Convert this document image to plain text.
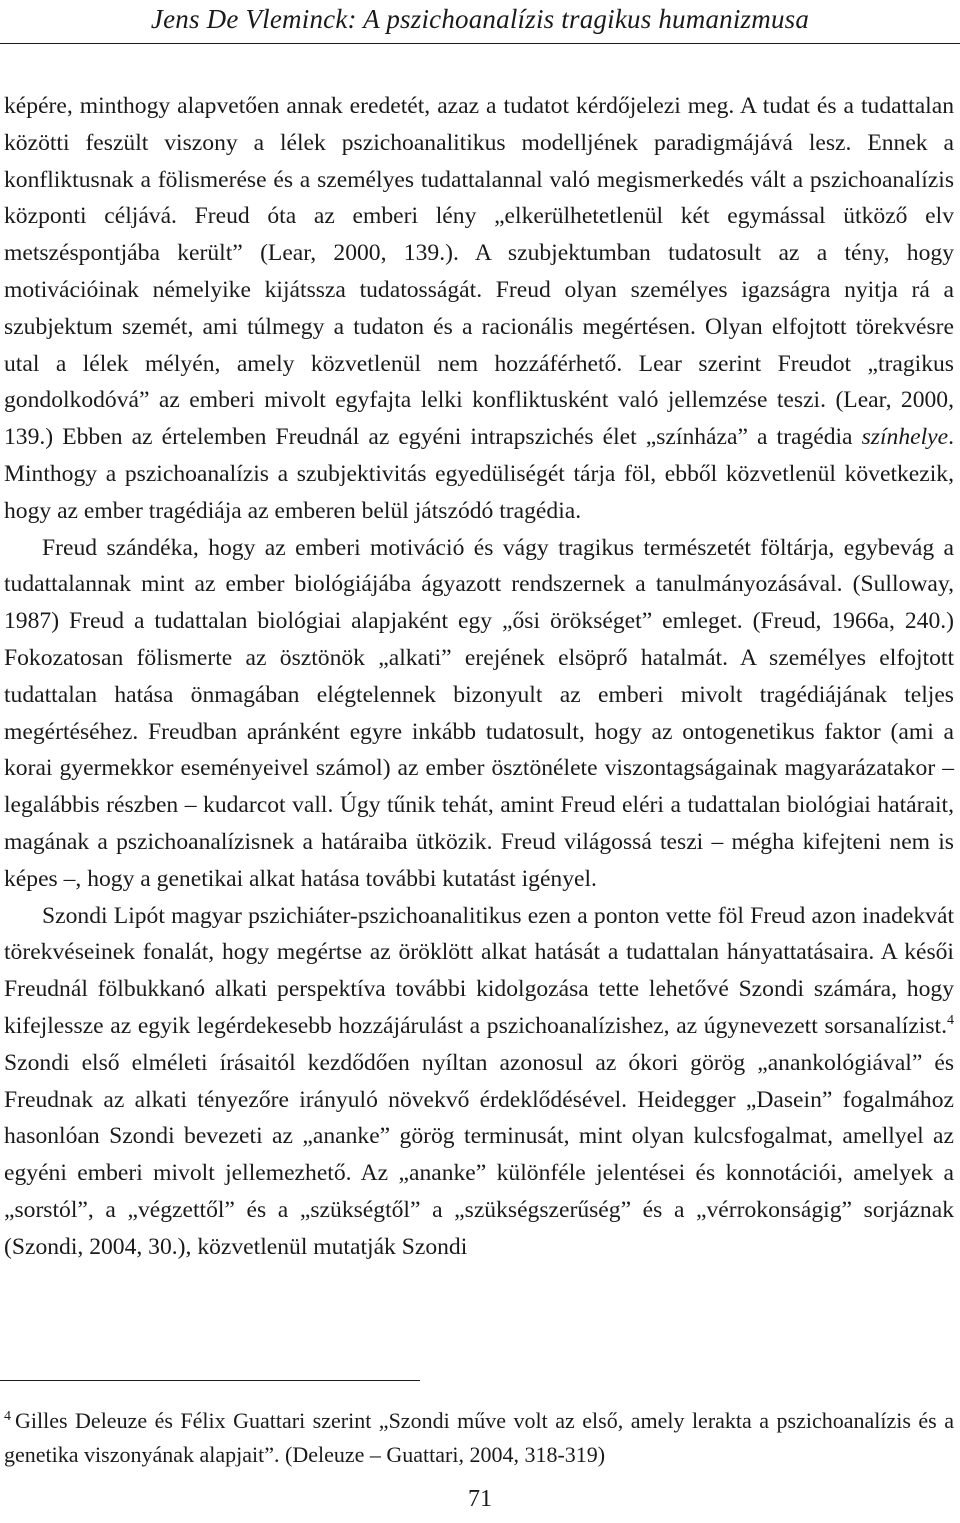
Jens De Vleminck: A pszichoanalízis tragikus humanizmusa

képére, minthogy alapvetően annak eredetét, azaz a tudatot kérdőjelezi meg. A tudat és a tudattalan közötti feszült viszony a lélek pszichoanalitikus modelljének paradigmájává lesz. Ennek a konfliktusnak a fölismerése és a személyes tudattalannal való megismerkedés vált a pszichoanalízis központi céljává. Freud óta az emberi lény „elkerülhetetlenül két egymással ütköző elv metszéspontjába került” (Lear, 2000, 139.). A szubjektumban tudatosult az a tény, hogy motivációinak némelyike kijátssza tudatosságát. Freud olyan személyes igazságra nyitja rá a szubjektum szemét, ami túlmegy a tudaton és a racionális megértésen. Olyan elfojtott törekvésre utal a lélek mélyén, amely közvetlenül nem hozzáférhető. Lear szerint Freudot „tragikus gondolkodóvá” az emberi mivolt egyfajta lelki konfliktusként való jellemzése teszi. (Lear, 2000, 139.) Ebben az értelemben Freudnál az egyéni intrapszichés élet „színháza” a tragédia színhelye. Minthogy a pszichoanalízis a szubjektivitás egyedüliségét tárja föl, ebből közvetlenül következik, hogy az ember tragédiája az emberen belül játszódó tragédia.

Freud szándéka, hogy az emberi motiváció és vágy tragikus természetét föltárja, egybevág a tudattalannak mint az ember biológiájába ágyazott rendszernek a tanulmányozásával. (Sulloway, 1987) Freud a tudattalan biológiai alapjaként egy „ősi örökséget” emleget. (Freud, 1966a, 240.) Fokozatosan fölismerte az ösztönök „alkati” erejének elsöprő hatalmát. A személyes elfojtott tudattalan hatása önmagában elégtelennek bizonyult az emberi mivolt tragédiájának teljes megértéséhez. Freudban apránként egyre inkább tudatosult, hogy az ontogenetikus faktor (ami a korai gyermekkor eseményeivel számol) az ember ösztönélete viszontagságainak magyarázatakor – legalábbis részben – kudarcot vall. Úgy tűnik tehát, amint Freud eléri a tudattalan biológiai határait, magának a pszichoanalízisnek a határaiba ütközik. Freud világossá teszi – mégha kifejteni nem is képes –, hogy a genetikai alkat hatása további kutatást igényel.

Szondi Lipót magyar pszichiáter-pszichoanalitikus ezen a ponton vette föl Freud azon inadekvát törekvéseinek fonalát, hogy megértse az öröklött alkat hatását a tudattalan hányattatásaira. A késői Freudnál fölbukkanó alkati perspektíva további kidolgozása tette lehetővé Szondi számára, hogy kifejlessze az egyik legérdekesebb hozzájárulást a pszichoanalízishez, az úgynevezett sorsanalízist.$^4$ Szondi első elméleti írásaitól kezdődően nyíltan azonosul az ókori görög „anankológiával” és Freudnak az alkati tényezőre irányuló növekvő érdeklődésével. Heidegger „Dasein” fogalmához hasonlóan Szondi bevezeti az „ananke” görög terminusát, mint olyan kulcsfogalmat, amellyel az egyéni emberi mivolt jellemezhető. Az „ananke” különféle jelentései és konnotációi, amelyek a „sorstól”, a „végzettől” és a „szükségtől” a „szükségszerűség” és a „vérrokonságig” sorjáznak (Szondi, 2004, 30.), közvetlenül mutatják Szondi

$^4$ Gilles Deleuze és Félix Guattari szerint „Szondi műve volt az első, amely lerakta a pszichoanalízis és a genetika viszonyának alapjait”. (Deleuze – Guattari, 2004, 318-319)

71
